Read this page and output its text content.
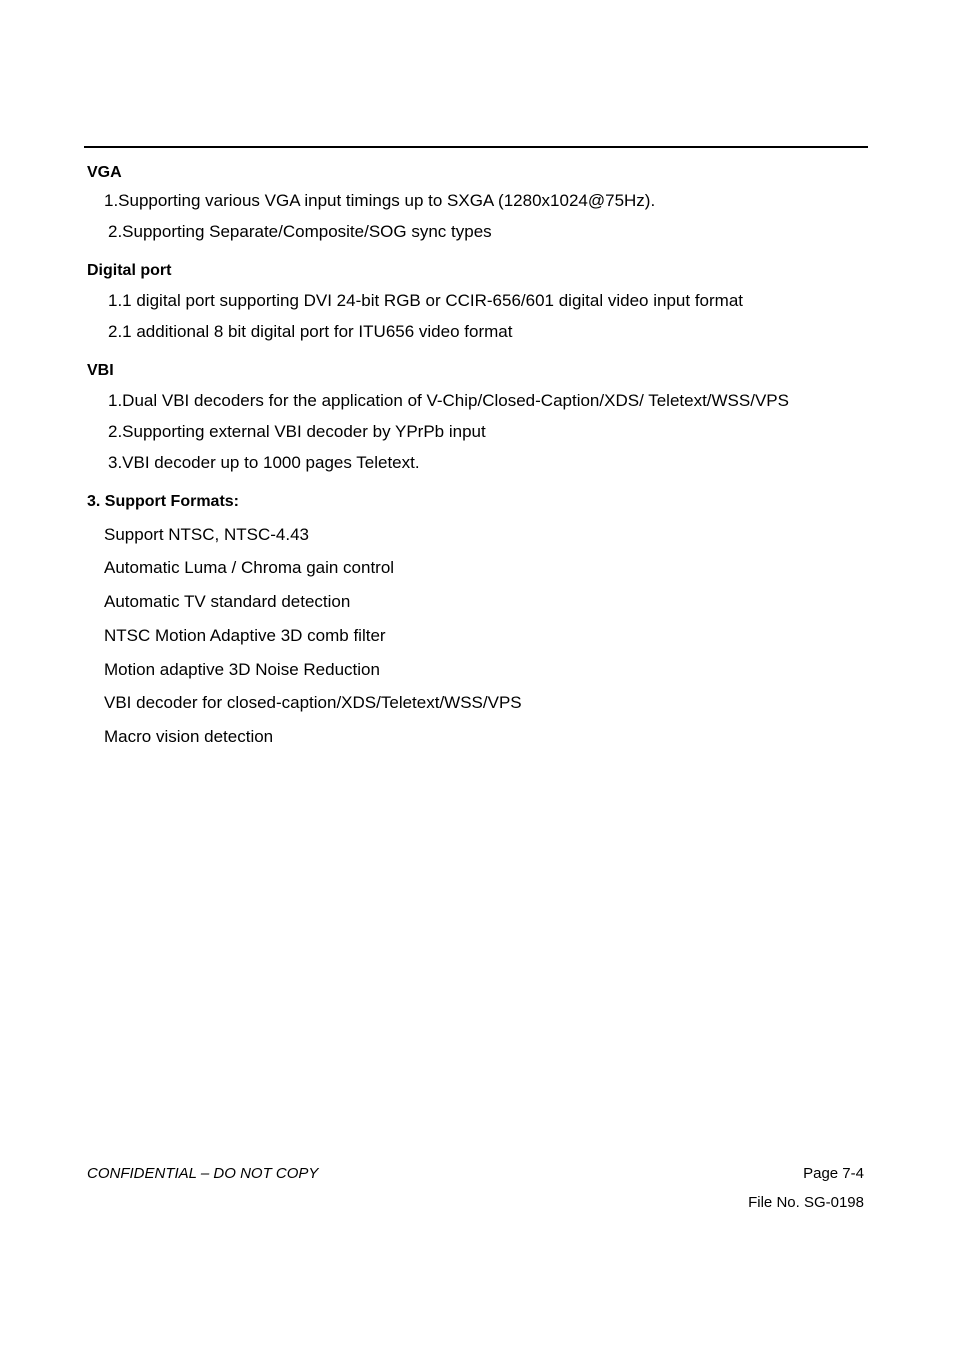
VGA
1.Supporting various VGA input timings up to SXGA (1280x1024@75Hz).
2.Supporting Separate/Composite/SOG sync types
Digital port
1.1 digital port supporting DVI 24-bit RGB or CCIR-656/601 digital video input format
2.1 additional 8 bit digital port for ITU656 video format
VBI
1.Dual VBI decoders for the application of V-Chip/Closed-Caption/XDS/ Teletext/WSS/VPS
2.Supporting external VBI decoder by YPrPb input
3.VBI decoder up to 1000 pages Teletext.
3. Support Formats:
Support NTSC, NTSC-4.43
Automatic Luma / Chroma gain control
Automatic TV standard detection
NTSC Motion Adaptive 3D comb filter
Motion adaptive 3D Noise Reduction
VBI decoder for closed-caption/XDS/Teletext/WSS/VPS
Macro vision detection
CONFIDENTIAL – DO NOT COPY	Page 7-4
File No. SG-0198
